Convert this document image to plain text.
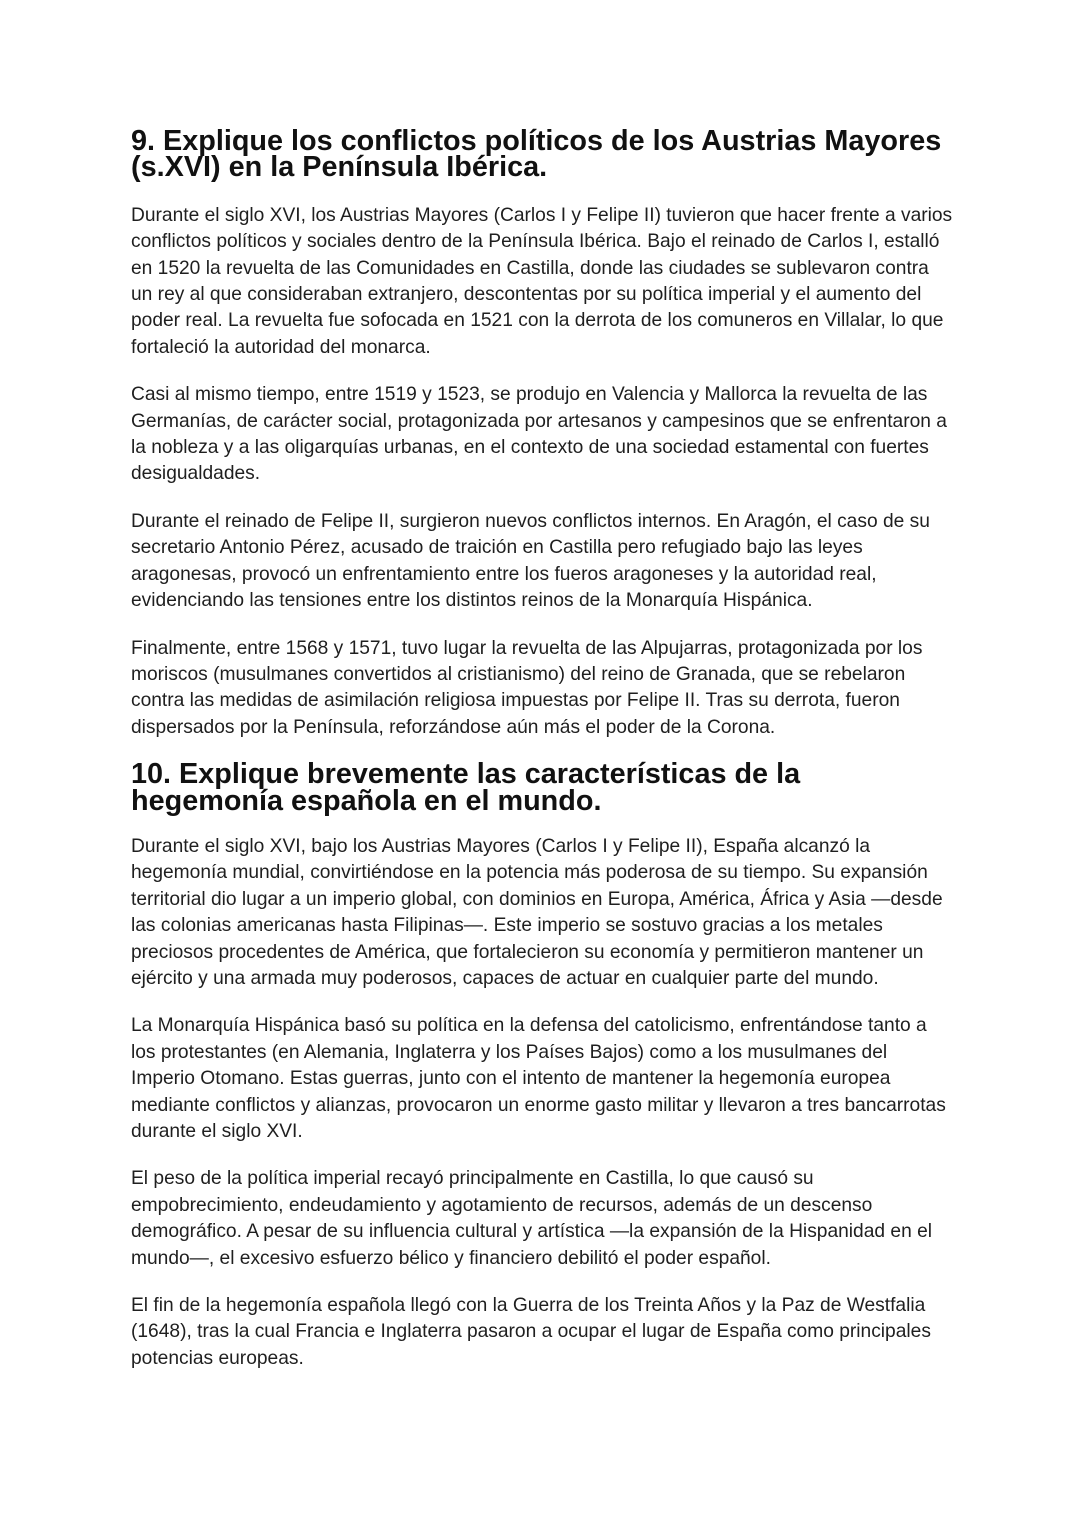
9. Explique los conflictos políticos de los Austrias Mayores (s.XVI) en la Península Ibérica.

Durante el siglo XVI, los Austrias Mayores (Carlos I y Felipe II) tuvieron que hacer frente a varios conflictos políticos y sociales dentro de la Península Ibérica. Bajo el reinado de Carlos I, estalló en 1520 la revuelta de las Comunidades en Castilla, donde las ciudades se sublevaron contra un rey al que consideraban extranjero, descontentas por su política imperial y el aumento del poder real. La revuelta fue sofocada en 1521 con la derrota de los comuneros en Villalar, lo que fortaleció la autoridad del monarca.

Casi al mismo tiempo, entre 1519 y 1523, se produjo en Valencia y Mallorca la revuelta de las Germanías, de carácter social, protagonizada por artesanos y campesinos que se enfrentaron a la nobleza y a las oligarquías urbanas, en el contexto de una sociedad estamental con fuertes desigualdades.

Durante el reinado de Felipe II, surgieron nuevos conflictos internos. En Aragón, el caso de su secretario Antonio Pérez, acusado de traición en Castilla pero refugiado bajo las leyes aragonesas, provocó un enfrentamiento entre los fueros aragoneses y la autoridad real, evidenciando las tensiones entre los distintos reinos de la Monarquía Hispánica.

Finalmente, entre 1568 y 1571, tuvo lugar la revuelta de las Alpujarras, protagonizada por los moriscos (musulmanes convertidos al cristianismo) del reino de Granada, que se rebelaron contra las medidas de asimilación religiosa impuestas por Felipe II. Tras su derrota, fueron dispersados por la Península, reforzándose aún más el poder de la Corona.

10. Explique brevemente las características de la hegemonía española en el mundo.

Durante el siglo XVI, bajo los Austrias Mayores (Carlos I y Felipe II), España alcanzó la hegemonía mundial, convirtiéndose en la potencia más poderosa de su tiempo. Su expansión territorial dio lugar a un imperio global, con dominios en Europa, América, África y Asia —desde las colonias americanas hasta Filipinas—. Este imperio se sostuvo gracias a los metales preciosos procedentes de América, que fortalecieron su economía y permitieron mantener un ejército y una armada muy poderosos, capaces de actuar en cualquier parte del mundo.

La Monarquía Hispánica basó su política en la defensa del catolicismo, enfrentándose tanto a los protestantes (en Alemania, Inglaterra y los Países Bajos) como a los musulmanes del Imperio Otomano. Estas guerras, junto con el intento de mantener la hegemonía europea mediante conflictos y alianzas, provocaron un enorme gasto militar y llevaron a tres bancarrotas durante el siglo XVI.

El peso de la política imperial recayó principalmente en Castilla, lo que causó su empobrecimiento, endeudamiento y agotamiento de recursos, además de un descenso demográfico. A pesar de su influencia cultural y artística —la expansión de la Hispanidad en el mundo—, el excesivo esfuerzo bélico y financiero debilitó el poder español.

El fin de la hegemonía española llegó con la Guerra de los Treinta Años y la Paz de Westfalia (1648), tras la cual Francia e Inglaterra pasaron a ocupar el lugar de España como principales potencias europeas.
